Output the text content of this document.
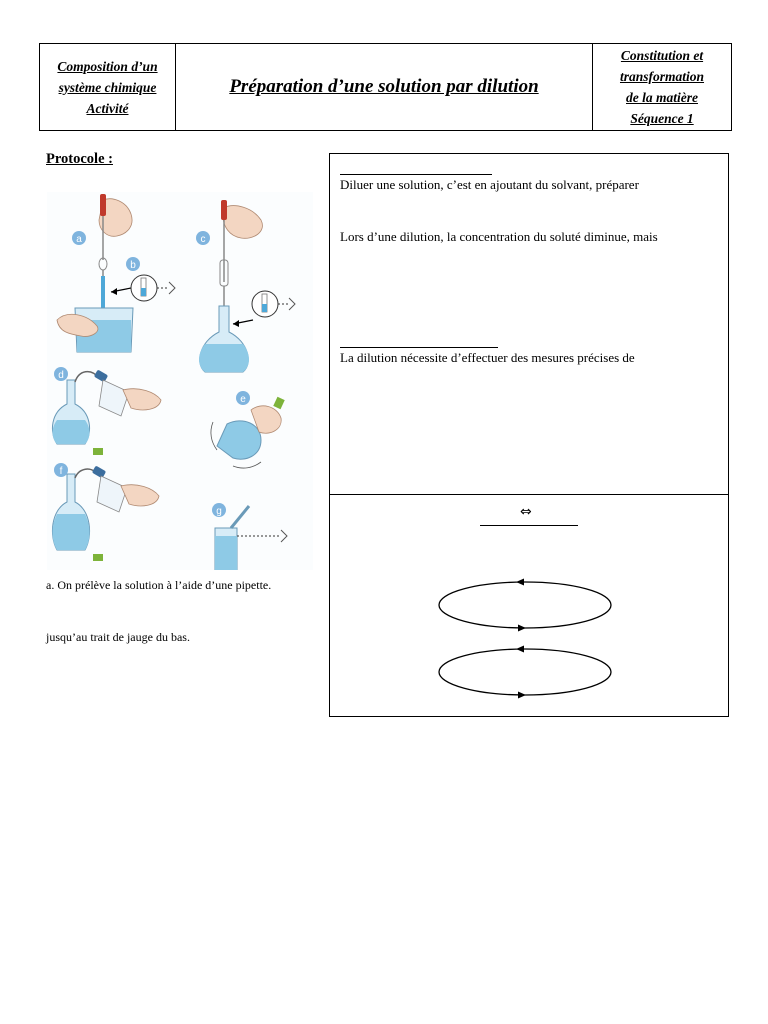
Composition d’un
système chimique
Activité
Préparation d’une solution par dilution
Constitution et
transformation
de la matière
Séquence 1
Protocole :
a
b
c
d
e
f
g
a. On prélève la solution à l’aide d’une pipette.
jusqu’au trait de jauge du bas.
Diluer une solution, c’est en ajoutant du solvant, préparer
Lors d’une dilution, la concentration du soluté diminue, mais
La dilution nécessite d’effectuer des mesures précises de
⇔
